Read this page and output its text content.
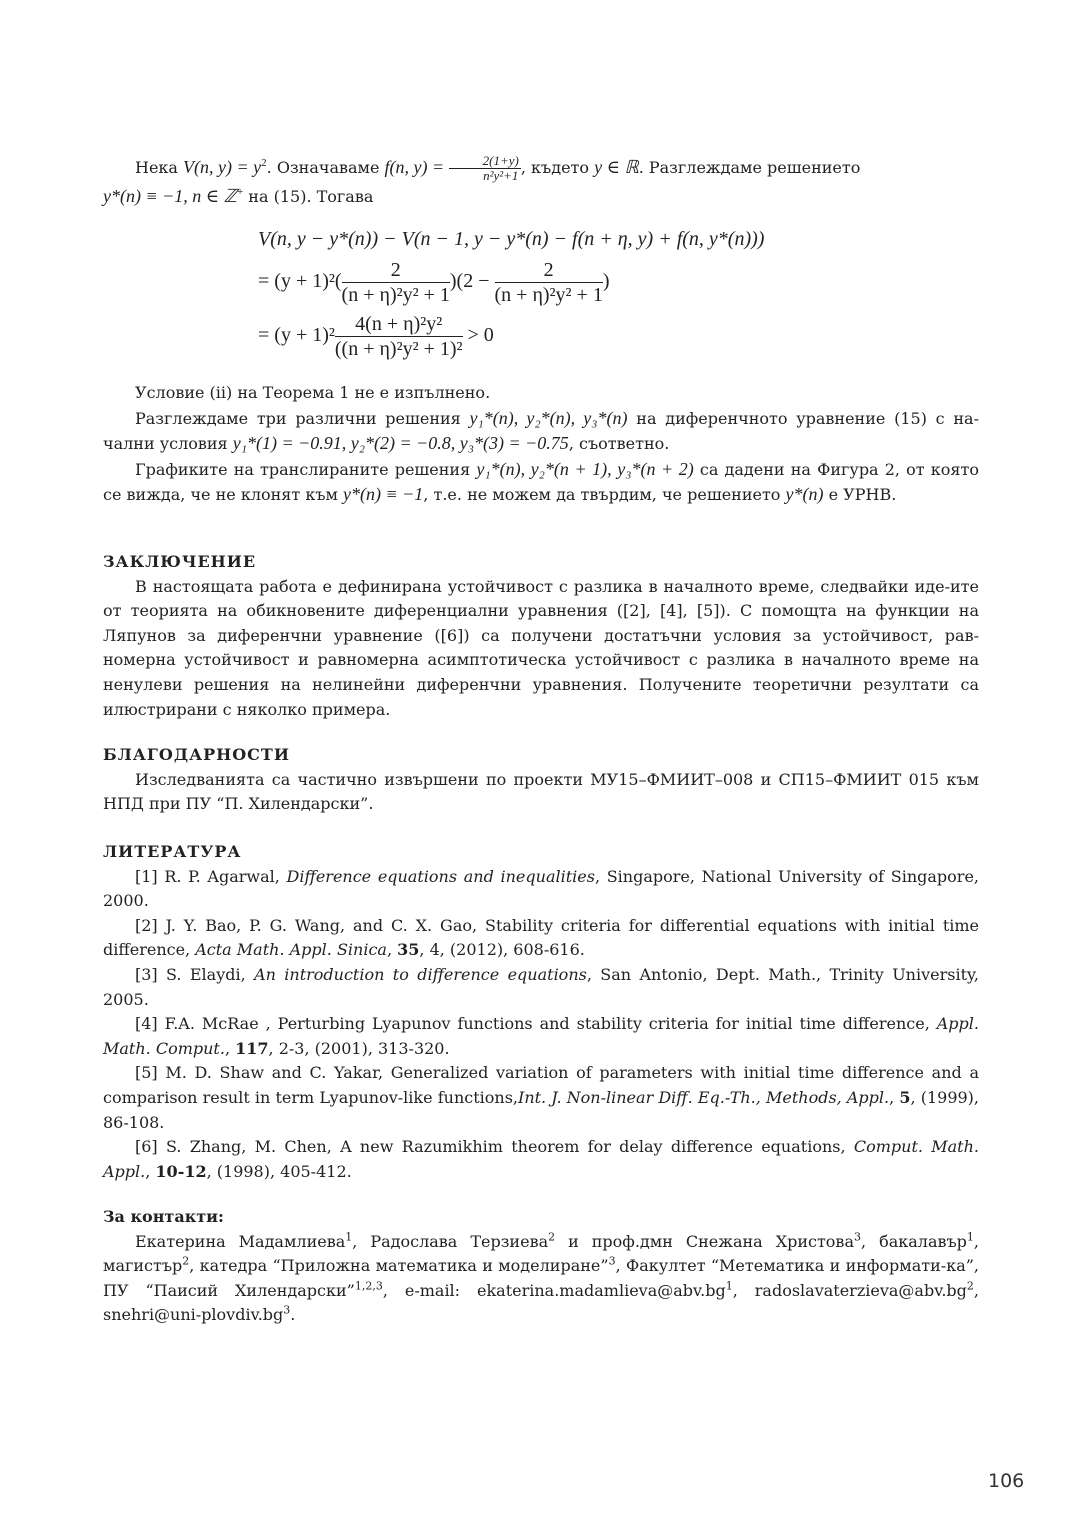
Нека V(n, $y) = y^2$. Означаваме f(n, $y) = \frac{2(1+y)}{\text{n²y²+1}}$ , където y ∈ ℝ. Разглеждаме решението
y*(n) ≡ −1, n ∈ ℤ+ на (15). Тогава

V(n, y − y*(n)) − V(n − 1, y − y*(n) − f(n + η, y) + f(n, y*(n)))
= $(y + 1)^2( \frac{2}{\text{(n + η)²y² + 1}} )(2 - \frac{2}{\text{(n + η)²y² + 1}}$ )
= $(y + 1)^2 \frac{\text{4(n + η)²y²}}{\text{((n + η)²y² + 1)²}} > 0$

Условие (ii) на Теорема 1 не е изпълнено.

Разглеждаме три различни решения y₁*(n), y₂*(n), y₃*(n) на диференчното уравнение (15) с на-чални условия y₁*(1) = −0.91, y₂*(2) = −0.8, y₃*(3) = −0.75, съответно.

Графиките на транслираните решения y₁*(n), y₂*(n + 1), y₃*(n + 2) са дадени на Фигура 2, от която се вижда, че не клонят към y*(n) ≡ −1, т.е. не можем да твърдим, че решението y*(n) е УРНВ.

ЗАКЛЮЧЕНИЕ

В настоящата работа е дефинирана устойчивост с разлика в началното време, следвайки иде-ите от теорията на обикновените диференциални уравнения ([2], [4], [5]). С помощта на функции на Ляпунов за диференчни уравнение ([6]) са получени достатъчни условия за устойчивост, рав-номерна устойчивост и равномерна асимптотическа устойчивост с разлика в началното време на ненулеви решения на нелинейни диференчни уравнения. Получените теоретични резултати са илюстрирани с няколко примера.

БЛАГОДАРНОСТИ

Изследванията са частично извършени по проекти МУ15–ФМИИТ–008 и СП15–ФМИИТ 015 към НПД при ПУ “П. Хилендарски”.

ЛИТЕРАТУРА

[1] R. P. Agarwal, Difference equations and inequalities, Singapore, National University of Singapore, 2000.

[2] J. Y. Bao, P. G. Wang, and C. X. Gao, Stability criteria for differential equations with initial time difference, Acta Math. Appl. Sinica, 35, 4, (2012), 608-616.

[3] S. Elaydi, An introduction to difference equations, San Antonio, Dept. Math., Trinity University, 2005.

[4] F.A. McRae , Perturbing Lyapunov functions and stability criteria for initial time difference, Appl. Math. Comput., 117, 2-3, (2001), 313-320.

[5] M. D. Shaw and C. Yakar, Generalized variation of parameters with initial time difference and a comparison result in term Lyapunov-like functions,Int. J. Non-linear Diff. Eq.-Th., Methods, Appl., 5, (1999), 86-108.

[6] S. Zhang, M. Chen, A new Razumikhim theorem for delay difference equations, Comput. Math. Appl., 10-12, (1998), 405-412.

За контакти:

Екатерина Мадамлиева$^1$, Радослава Терзиева$^2$ и проф.дмн Снежана Христова$^3$, бакалавър$^1$, магистър$^2$, катедра “Приложна математика и моделиране”$^3$, Факултет “Метематика и информати-ка”, ПУ “Паисий Хилендарски”$^{1,2,3}$, e-mail: $ekaterina.madamlieva@abv.bg^1$, $radoslavaterzieva@abv.bg^2$, $snehri@uni-plovdiv.bg^3$.

106
